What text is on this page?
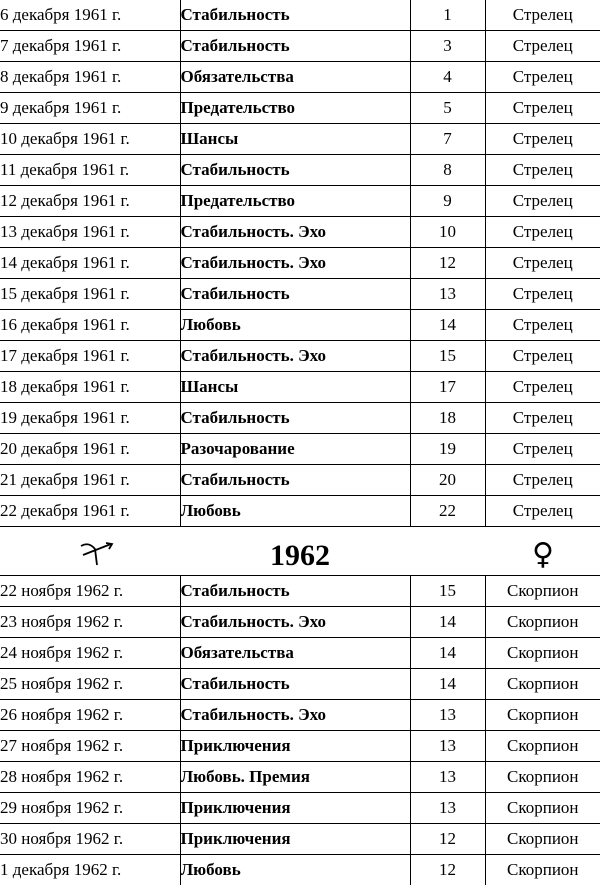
6 декабря 1961 г.	Стабильность	1	Стрелец
7 декабря 1961 г.	Стабильность	3	Стрелец
8 декабря 1961 г.	Обязательства	4	Стрелец
9 декабря 1961 г.	Предательство	5	Стрелец
10 декабря 1961 г.	Шансы	7	Стрелец
11 декабря 1961 г.	Стабильность	8	Стрелец
12 декабря 1961 г.	Предательство	9	Стрелец
13 декабря 1961 г.	Стабильность. Эхо	10	Стрелец
14 декабря 1961 г.	Стабильность. Эхо	12	Стрелец
15 декабря 1961 г.	Стабильность	13	Стрелец
16 декабря 1961 г.	Любовь	14	Стрелец
17 декабря 1961 г.	Стабильность. Эхо	15	Стрелец
18 декабря 1961 г.	Шансы	17	Стрелец
19 декабря 1961 г.	Стабильность	18	Стрелец
20 декабря 1961 г.	Разочарование	19	Стрелец
21 декабря 1961 г.	Стабильность	20	Стрелец
22 декабря 1961 г.	Любовь	22	Стрелец
1962	♀
22 ноября 1962 г.	Стабильность	15	Скорпион
23 ноября 1962 г.	Стабильность. Эхо	14	Скорпион
24 ноября 1962 г.	Обязательства	14	Скорпион
25 ноября 1962 г.	Стабильность	14	Скорпион
26 ноября 1962 г.	Стабильность. Эхо	13	Скорпион
27 ноября 1962 г.	Приключения	13	Скорпион
28 ноября 1962 г.	Любовь. Премия	13	Скорпион
29 ноября 1962 г.	Приключения	13	Скорпион
30 ноября 1962 г.	Приключения	12	Скорпион
1 декабря 1962 г.	Любовь	12	Скорпион
